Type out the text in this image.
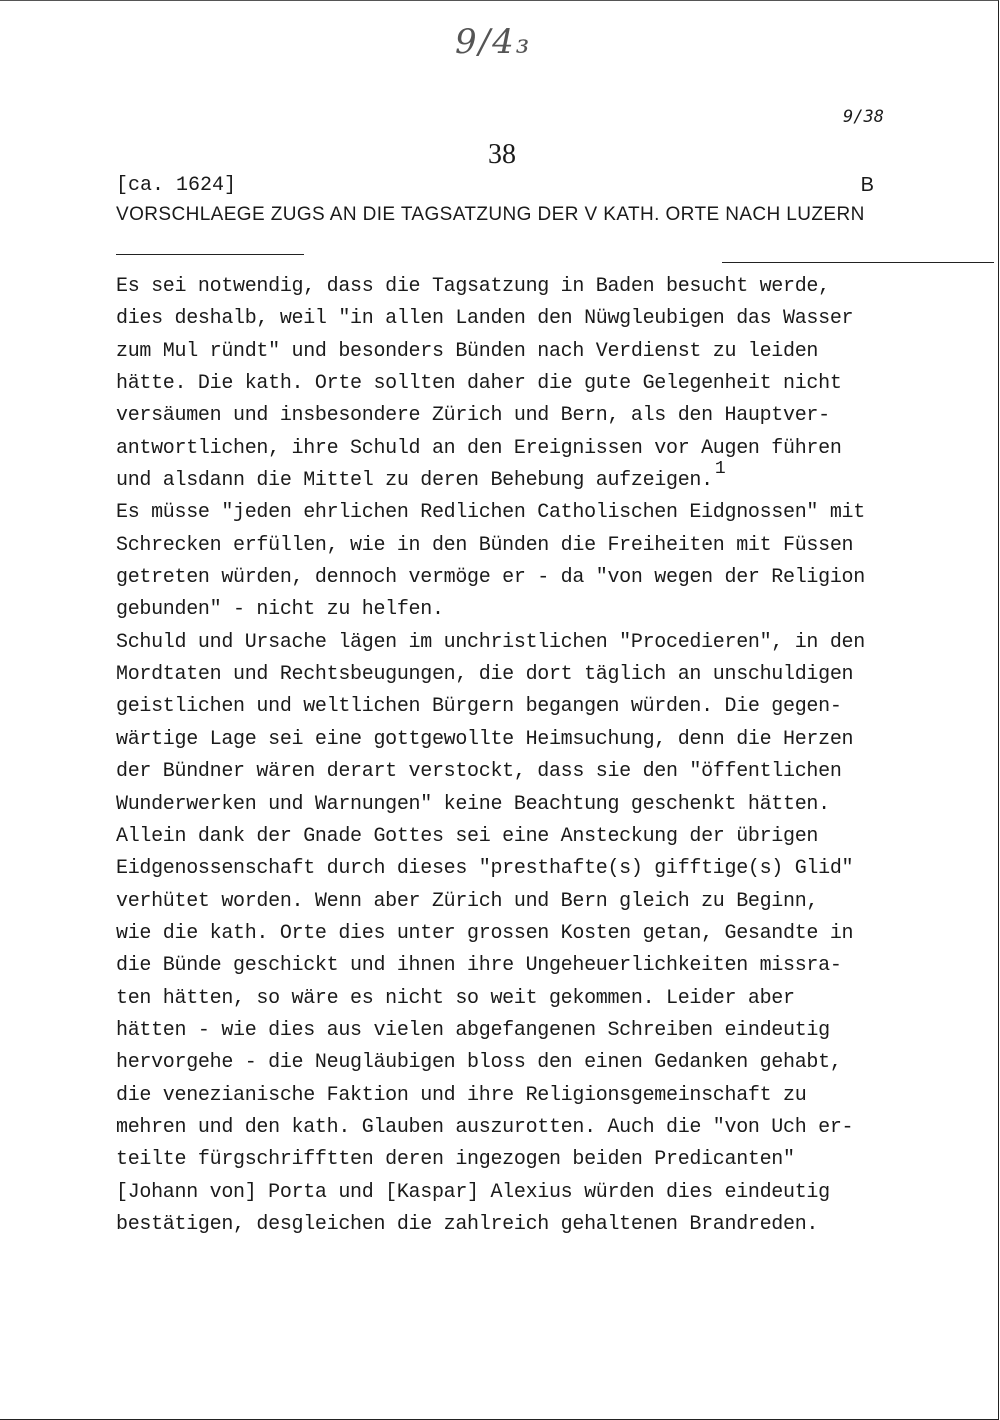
9/4₃
9/38
38
[ca. 1624]	B
VORSCHLAEGE ZUGS AN DIE TAGSATZUNG DER V KATH. ORTE NACH LUZERN

Es sei notwendig, dass die Tagsatzung in Baden besucht werde,

dies deshalb, weil "in allen Landen den Nüwgleubigen das Wasser

zum Mul ründt" und besonders Bünden nach Verdienst zu leiden

hätte. Die kath. Orte sollten daher die gute Gelegenheit nicht

versäumen und insbesondere Zürich und Bern, als den Hauptver-

antwortlichen, ihre Schuld an den Ereignissen vor Augen führen

und alsdann die Mittel zu deren Behebung aufzeigen. 1

Es müsse "jeden ehrlichen Redlichen Catholischen Eidgnossen" mit

Schrecken erfüllen, wie in den Bünden die Freiheiten mit Füssen

getreten würden, dennoch vermöge er - da "von wegen der Religion

gebunden" - nicht zu helfen.

Schuld und Ursache lägen im unchristlichen "Procedieren", in den

Mordtaten und Rechtsbeugungen, die dort täglich an unschuldigen

geistlichen und weltlichen Bürgern begangen würden. Die gegen-

wärtige Lage sei eine gottgewollte Heimsuchung, denn die Herzen

der Bündner wären derart verstockt, dass sie den "öffentlichen

Wunderwerken und Warnungen" keine Beachtung geschenkt hätten.

Allein dank der Gnade Gottes sei eine Ansteckung der übrigen

Eidgenossenschaft durch dieses "presthafte(s) gifftige(s) Glid"

verhütet worden. Wenn aber Zürich und Bern gleich zu Beginn,

wie die kath. Orte dies unter grossen Kosten getan, Gesandte in

die Bünde geschickt und ihnen ihre Ungeheuerlichkeiten missra-

ten hätten, so wäre es nicht so weit gekommen. Leider aber

hätten - wie dies aus vielen abgefangenen Schreiben eindeutig

hervorgehe - die Neugläubigen bloss den einen Gedanken gehabt,

die venezianische Faktion und ihre Religionsgemeinschaft zu

mehren und den kath. Glauben auszurotten. Auch die "von Uch er-

teilte fürgschrifftten deren ingezogen beiden Predicanten"

[Johann von] Porta und [Kaspar] Alexius würden dies eindeutig

bestätigen, desgleichen die zahlreich gehaltenen Brandreden.
